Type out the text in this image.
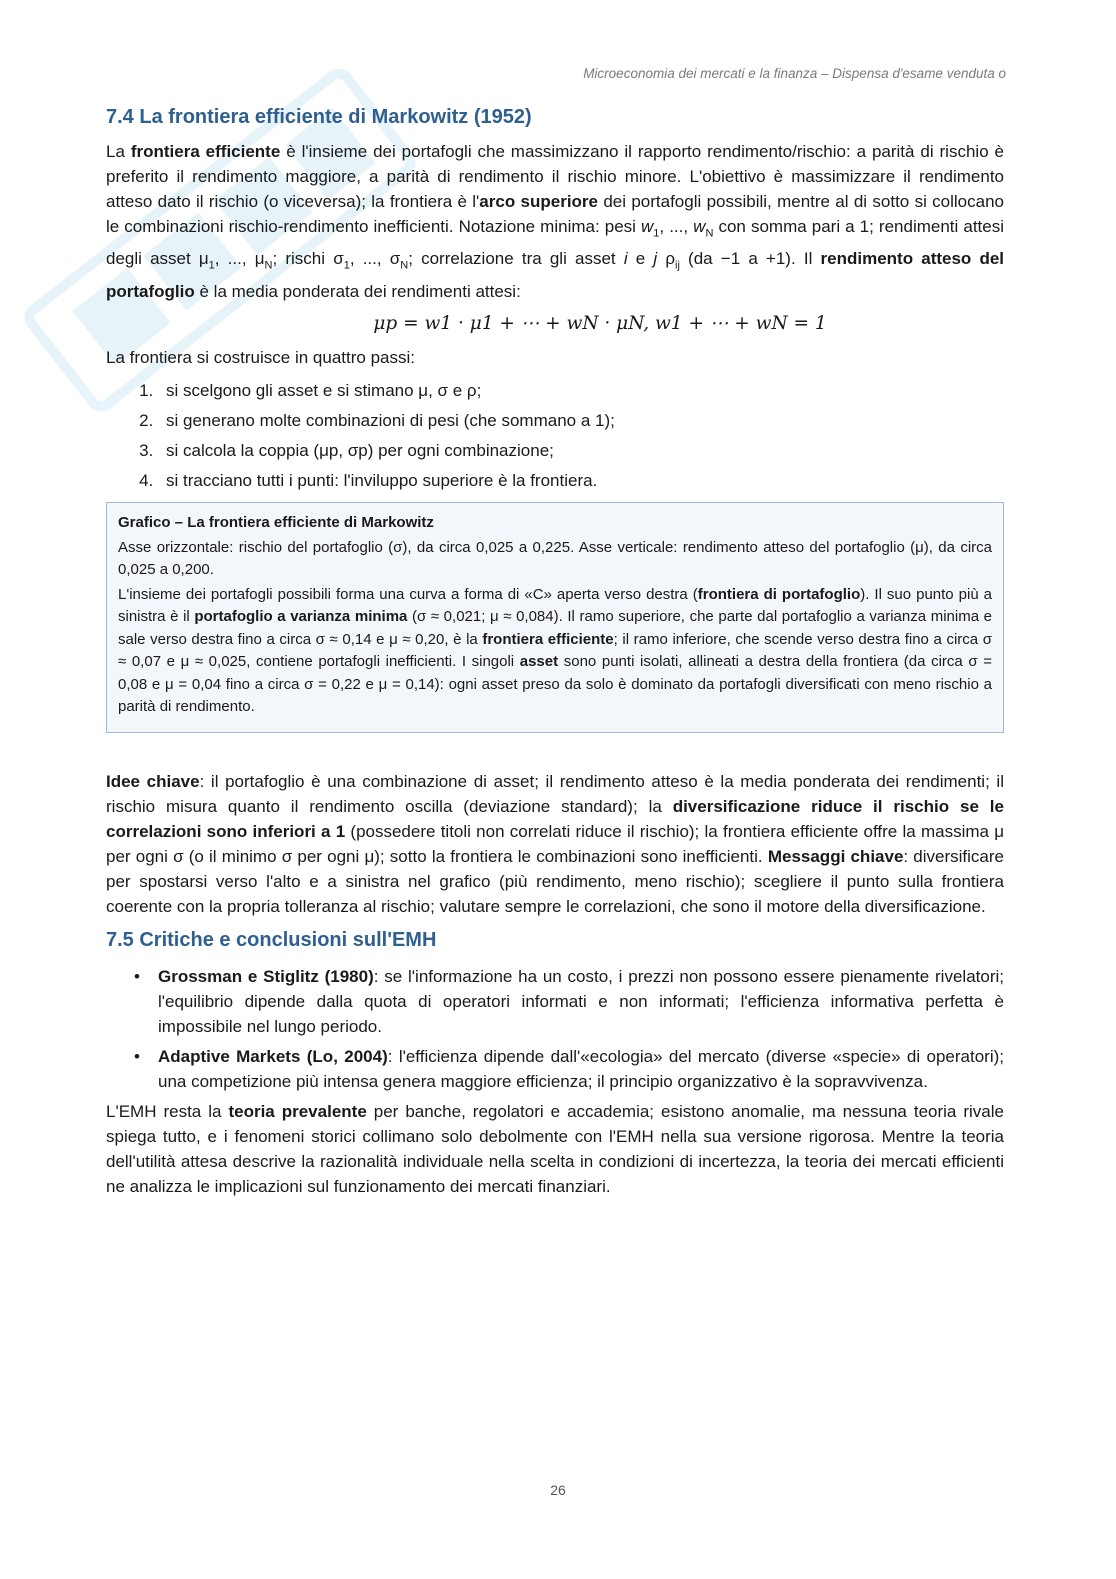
Microeconomia dei mercati e la finanza – Dispensa d'esame venduta o
7.4 La frontiera efficiente di Markowitz (1952)

La frontiera efficiente è l'insieme dei portafogli che massimizzano il rapporto rendimento/rischio: a parità di rischio è preferito il rendimento maggiore, a parità di rendimento il rischio minore. L'obiettivo è massimizzare il rendimento atteso dato il rischio (o viceversa); la frontiera è l'arco superiore dei portafogli possibili, mentre al di sotto si collocano le combinazioni rischio-rendimento inefficienti. Notazione minima: pesi $w_1$, ..., $w_N$ con somma pari a 1; rendimenti attesi degli asset $\mu_1$, ..., $\mu_N$; rischi $\sigma_1$, ..., $\sigma_N$; correlazione tra gli asset i e j $\rho_{ij}$ (da −1 a +1). Il rendimento atteso del portafoglio è la media ponderata dei rendimenti attesi:

μp = w1 · μ1 + ⋯ + wN · μN, w1 + ⋯ + wN = 1

La frontiera si costruisce in quattro passi:

1. si scelgono gli asset e si stimano μ, σ e ρ;
2. si generano molte combinazioni di pesi (che sommano a 1);
3. si calcola la coppia (μp, σp) per ogni combinazione;
4. si tracciano tutti i punti: l'inviluppo superiore è la frontiera.
Grafico – La frontiera efficiente di Markowitz
Asse orizzontale: rischio del portafoglio (σ), da circa 0,025 a 0,225. Asse verticale: rendimento atteso del portafoglio (μ), da circa 0,025 a 0,200.
L'insieme dei portafogli possibili forma una curva a forma di «C» aperta verso destra (frontiera di portafoglio). Il suo punto più a sinistra è il portafoglio a varianza minima (σ ≈ 0,021; μ ≈ 0,084). Il ramo superiore, che parte dal portafoglio a varianza minima e sale verso destra fino a circa σ ≈ 0,14 e μ ≈ 0,20, è la frontiera efficiente; il ramo inferiore, che scende verso destra fino a circa σ ≈ 0,07 e μ ≈ 0,025, contiene portafogli inefficienti. I singoli asset sono punti isolati, allineati a destra della frontiera (da circa σ = 0,08 e μ = 0,04 fino a circa σ = 0,22 e μ = 0,14): ogni asset preso da solo è dominato da portafogli diversificati con meno rischio a parità di rendimento.

Idee chiave: il portafoglio è una combinazione di asset; il rendimento atteso è la media ponderata dei rendimenti; il rischio misura quanto il rendimento oscilla (deviazione standard); la diversificazione riduce il rischio se le correlazioni sono inferiori a 1 (possedere titoli non correlati riduce il rischio); la frontiera efficiente offre la massima μ per ogni σ (o il minimo σ per ogni μ); sotto la frontiera le combinazioni sono inefficienti. Messaggi chiave: diversificare per spostarsi verso l'alto e a sinistra nel grafico (più rendimento, meno rischio); scegliere il punto sulla frontiera coerente con la propria tolleranza al rischio; valutare sempre le correlazioni, che sono il motore della diversificazione.

7.5 Critiche e conclusioni sull'EMH
• Grossman e Stiglitz (1980): se l'informazione ha un costo, i prezzi non possono essere pienamente rivelatori; l'equilibrio dipende dalla quota di operatori informati e non informati; l'efficienza informativa perfetta è impossibile nel lungo periodo.
• Adaptive Markets (Lo, 2004): l'efficienza dipende dall'«ecologia» del mercato (diverse «specie» di operatori); una competizione più intensa genera maggiore efficienza; il principio organizzativo è la sopravvivenza.

L'EMH resta la teoria prevalente per banche, regolatori e accademia; esistono anomalie, ma nessuna teoria rivale spiega tutto, e i fenomeni storici collimano solo debolmente con l'EMH nella sua versione rigorosa. Mentre la teoria dell'utilità attesa descrive la razionalità individuale nella scelta in condizioni di incertezza, la teoria dei mercati efficienti ne analizza le implicazioni sul funzionamento dei mercati finanziari.

26
